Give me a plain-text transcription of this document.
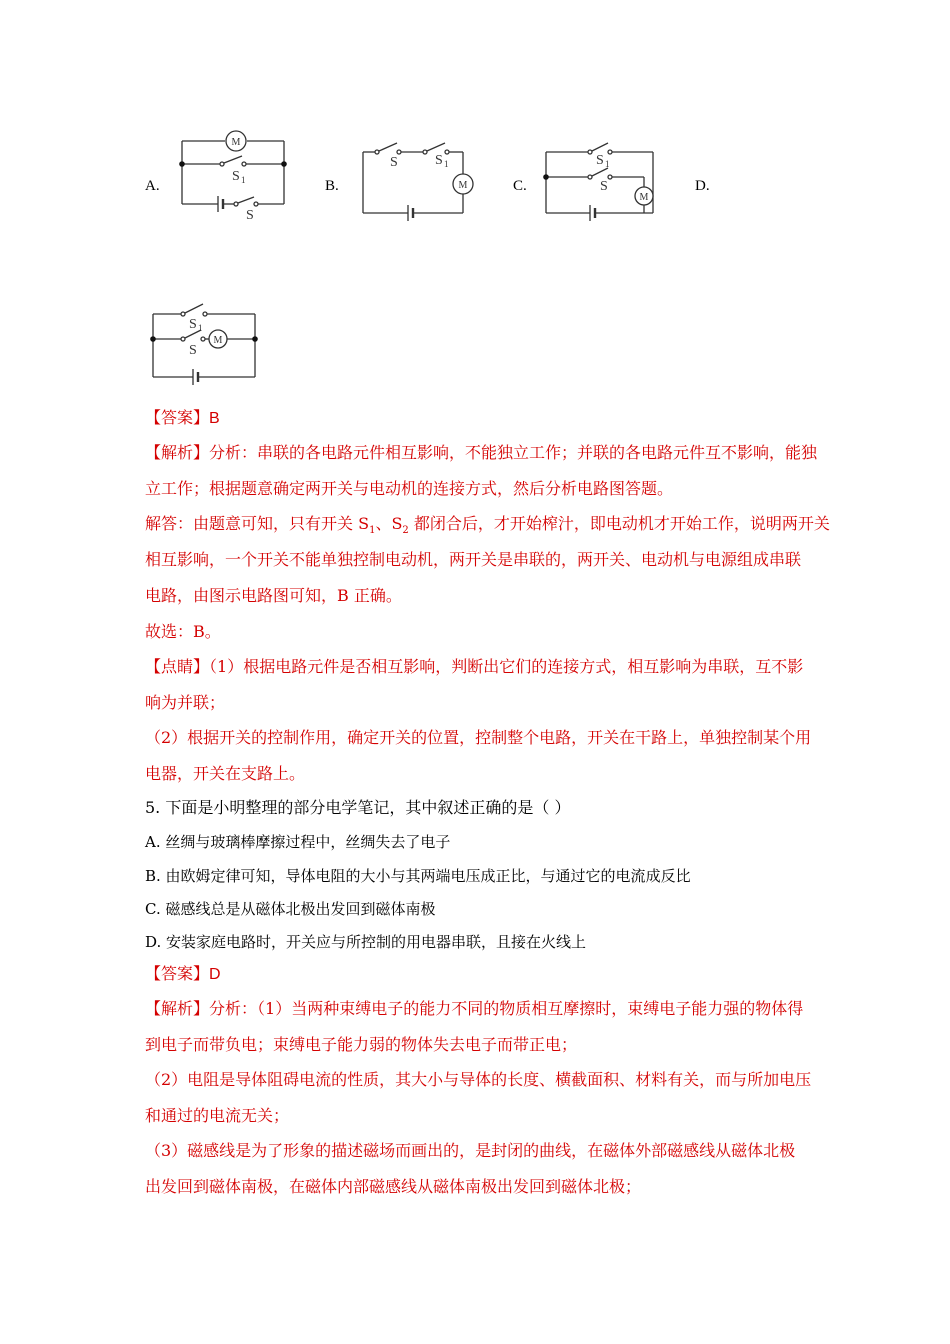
A.	B.	C.	D.
M
S 1
S
M
S	S 1
M
S 1
S
M
S 1
S
【答案】B
【解析】分析：串联的各电路元件相互影响，不能独立工作；并联的各电路元件互不影响，能独
立工作；根据题意确定两开关与电动机的连接方式，然后分析电路图答题。
解答：由题意可知，只有开关 $S_1$、$S_2$ 都闭合后，才开始榨汁，即电动机才开始工作，说明两开关
相互影响，一个开关不能单独控制电动机，两开关是串联的，两开关、电动机与电源组成串联
电路，由图示电路图可知，B 正确。
故选：B。
【点睛】（1）根据电路元件是否相互影响，判断出它们的连接方式，相互影响为串联，互不影
响为并联；
（2）根据开关的控制作用，确定开关的位置，控制整个电路，开关在干路上，单独控制某个用
电器，开关在支路上。
5. 下面是小明整理的部分电学笔记，其中叙述正确的是（ ）
A. 丝绸与玻璃棒摩擦过程中，丝绸失去了电子
B. 由欧姆定律可知，导体电阻的大小与其两端电压成正比，与通过它的电流成反比
C. 磁感线总是从磁体北极出发回到磁体南极
D. 安装家庭电路时，开关应与所控制的用电器串联，且接在火线上
【答案】D
【解析】分析：（1）当两种束缚电子的能力不同的物质相互摩擦时，束缚电子能力强的物体得
到电子而带负电；束缚电子能力弱的物体失去电子而带正电；
（2）电阻是导体阻碍电流的性质，其大小与导体的长度、横截面积、材料有关，而与所加电压
和通过的电流无关；
（3）磁感线是为了形象的描述磁场而画出的，是封闭的曲线，在磁体外部磁感线从磁体北极
出发回到磁体南极，在磁体内部磁感线从磁体南极出发回到磁体北极；
